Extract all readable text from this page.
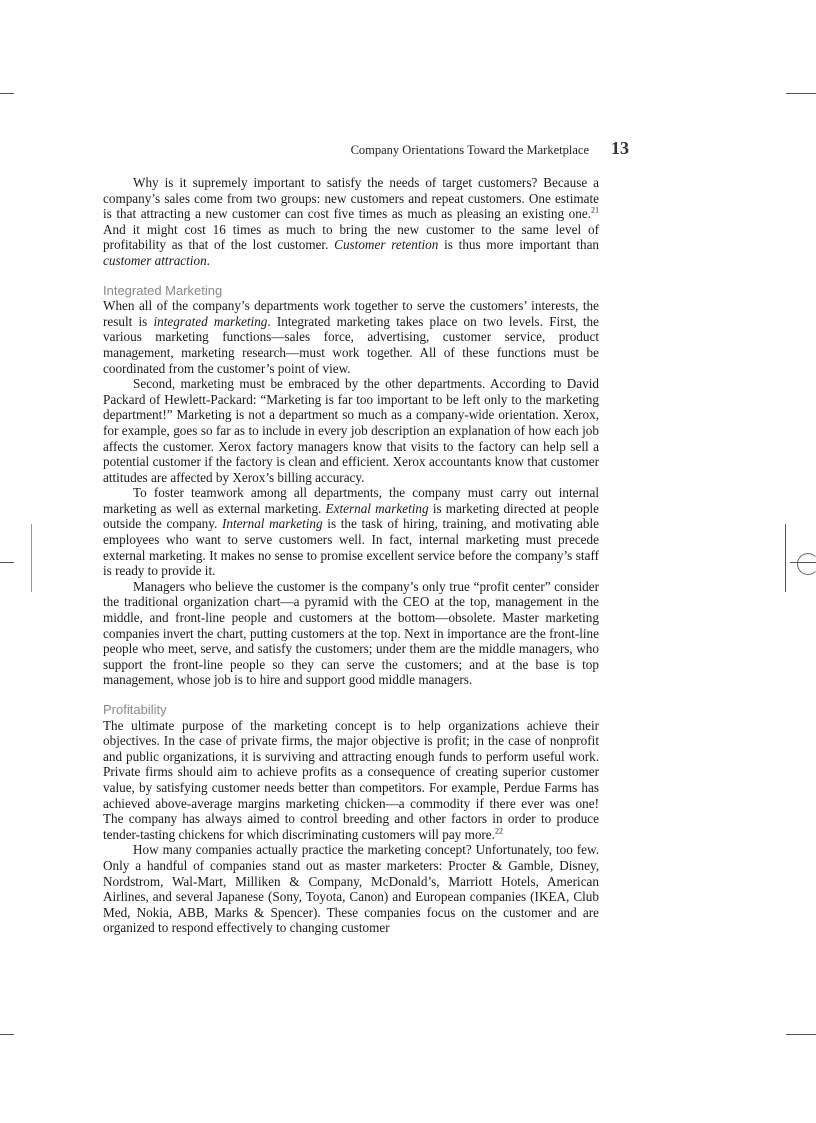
Company Orientations Toward the Marketplace 13

Why is it supremely important to satisfy the needs of target customers? Because a company’s sales come from two groups: new customers and repeat customers. One estimate is that attracting a new customer can cost five times as much as pleasing an existing one.$^{21}$ And it might cost 16 times as much to bring the new customer to the same level of profitability as that of the lost customer. Customer retention is thus more important than customer attraction.

Integrated Marketing

When all of the company’s departments work together to serve the customers’ interests, the result is integrated marketing. Integrated marketing takes place on two levels. First, the various marketing functions—sales force, advertising, customer service, product management, marketing research—must work together. All of these functions must be coordinated from the customer’s point of view.

Second, marketing must be embraced by the other departments. According to David Packard of Hewlett-Packard: “Marketing is far too important to be left only to the marketing department!” Marketing is not a department so much as a company-wide orientation. Xerox, for example, goes so far as to include in every job description an explanation of how each job affects the customer. Xerox factory managers know that visits to the factory can help sell a potential customer if the factory is clean and efficient. Xerox accountants know that customer attitudes are affected by Xerox’s billing accuracy.

To foster teamwork among all departments, the company must carry out internal marketing as well as external marketing. External marketing is marketing directed at people outside the company. Internal marketing is the task of hiring, training, and motivating able employees who want to serve customers well. In fact, internal marketing must precede external marketing. It makes no sense to promise excellent service before the company’s staff is ready to provide it.

Managers who believe the customer is the company’s only true “profit center” consider the traditional organization chart—a pyramid with the CEO at the top, management in the middle, and front-line people and customers at the bottom—obsolete. Master marketing companies invert the chart, putting customers at the top. Next in importance are the front-line people who meet, serve, and satisfy the customers; under them are the middle managers, who support the front-line people so they can serve the customers; and at the base is top management, whose job is to hire and support good middle managers.

Profitability

The ultimate purpose of the marketing concept is to help organizations achieve their objectives. In the case of private firms, the major objective is profit; in the case of nonprofit and public organizations, it is surviving and attracting enough funds to perform useful work. Private firms should aim to achieve profits as a consequence of creating superior customer value, by satisfying customer needs better than competitors. For example, Perdue Farms has achieved above-average margins marketing chicken—a commodity if there ever was one! The company has always aimed to control breeding and other factors in order to produce tender-tasting chickens for which discriminating customers will pay more.$^{22}$

How many companies actually practice the marketing concept? Unfortunately, too few. Only a handful of companies stand out as master marketers: Procter & Gamble, Disney, Nordstrom, Wal-Mart, Milliken & Company, McDonald’s, Marriott Hotels, American Airlines, and several Japanese (Sony, Toyota, Canon) and European companies (IKEA, Club Med, Nokia, ABB, Marks & Spencer). These companies focus on the customer and are organized to respond effectively to changing customer
